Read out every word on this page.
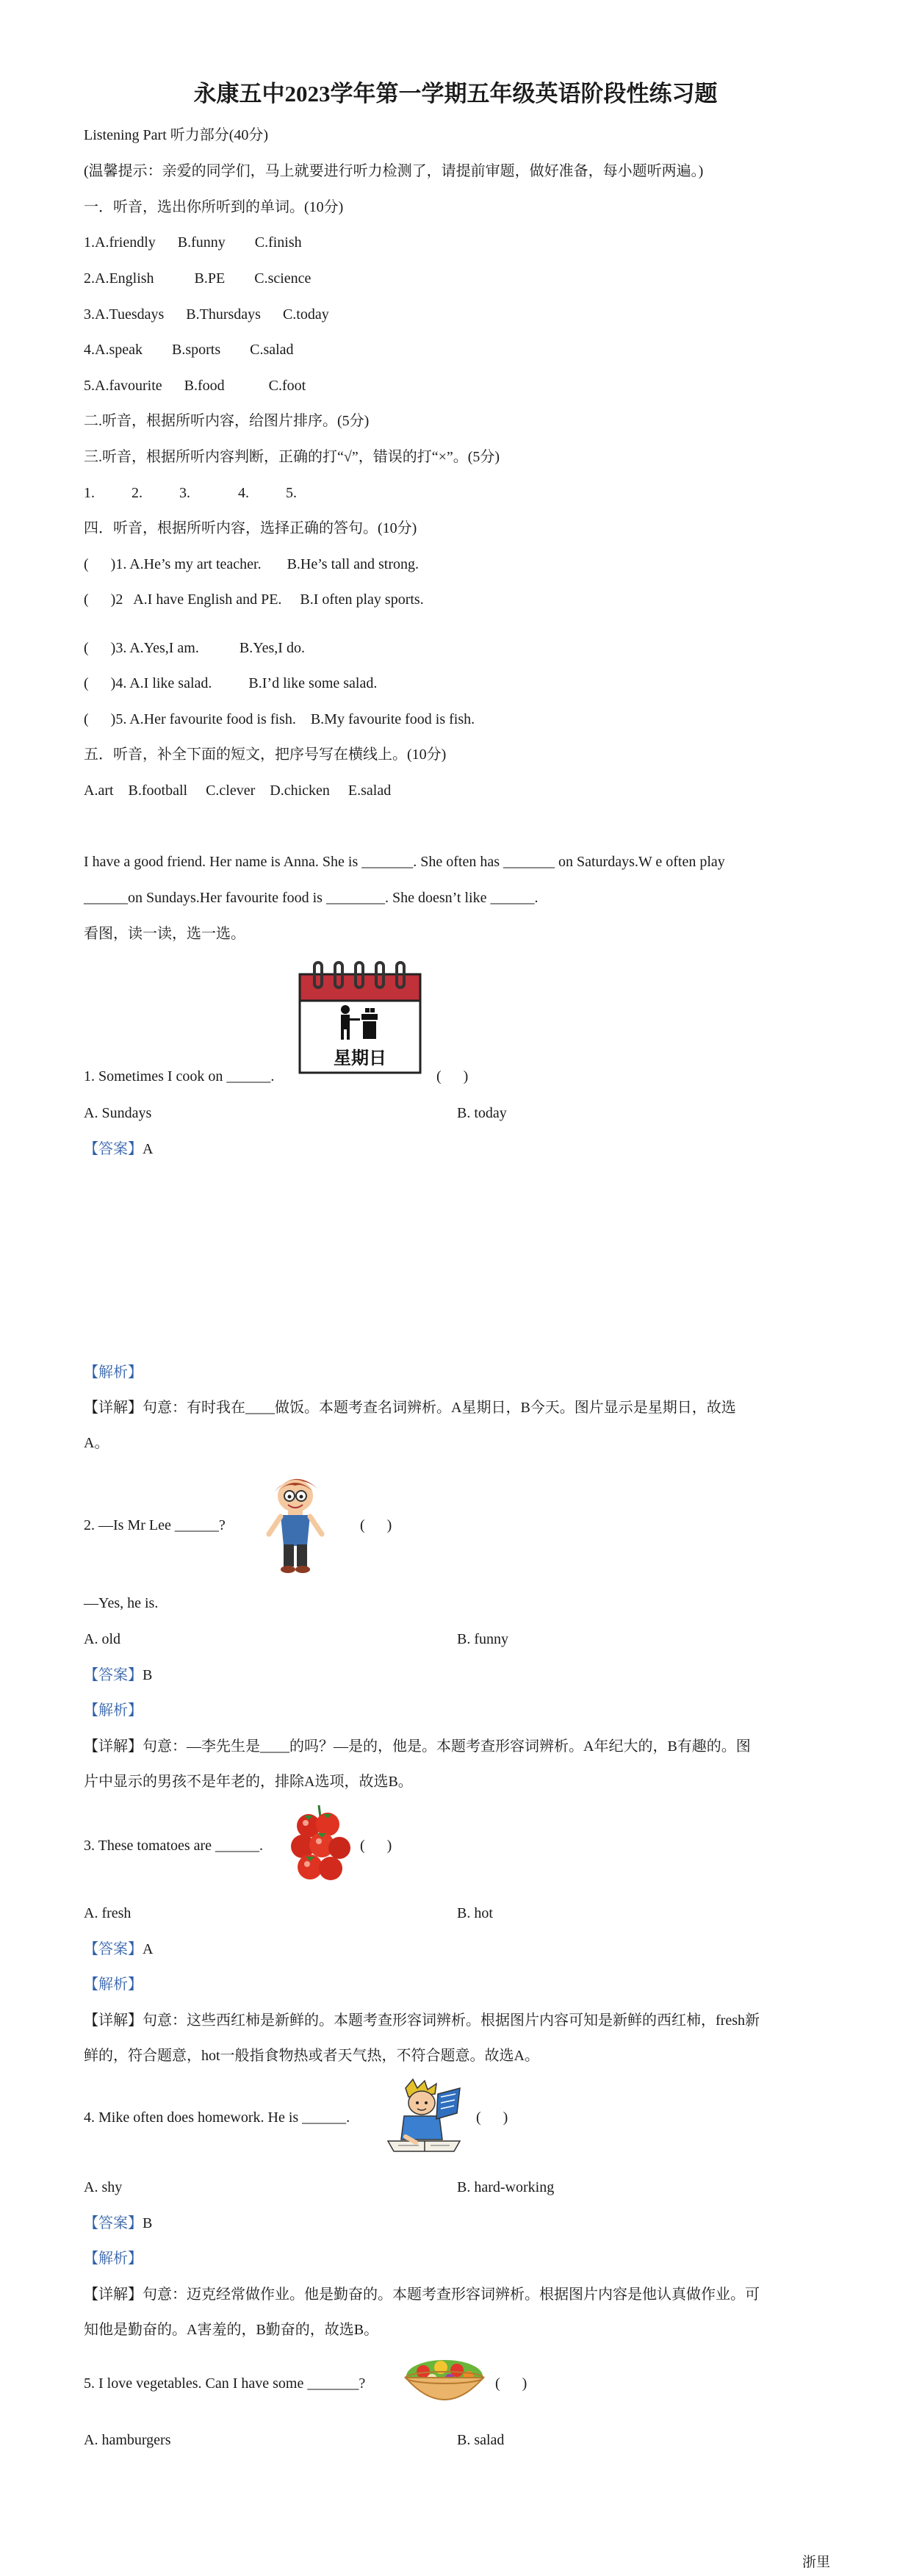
永康五中2023学年第一学期五年级英语阶段性练习题
Listening Part 听力部分(40分)
(温馨提示：亲爱的同学们，马上就要进行听力检测了，请提前审题，做好准备，每小题听两遍。)
一．听音，选出你所听到的单词。(10分)
1.A.friendly      B.funny        C.finish
2.A.English           B.PE        C.science
3.A.Tuesdays      B.Thursdays      C.today
4.A.speak        B.sports        C.salad
5.A.favourite      B.food            C.foot
二.听音，根据所听内容，给图片排序。(5分)
三.听音，根据所听内容判断，正确的打“√”，错误的打“×”。(5分)
1.          2.          3.             4.          5.
四．听音，根据所听内容，选择正确的答句。(10分)
(      )1. A.He’s my art teacher.       B.He’s tall and strong.
(      )2   A.I have English and PE.     B.I often play sports.
(      )3. A.Yes,I am.           B.Yes,I do.
(      )4. A.I like salad.          B.I’d like some salad.
(      )5. A.Her favourite food is fish.    B.My favourite food is fish.
五．听音，补全下面的短文，把序号写在横线上。(10分)
A.art    B.football     C.clever    D.chicken     E.salad
I have a good friend. Her name is Anna. She is _______. She often has _______ on Saturdays.W e often play
______on Sundays.Her favourite food is ________. She doesn’t like ______.
看图，读一读，选一选。
星期日
1. Sometimes I cook on ______.	(      )
A. Sundays	B. today
【答案】A
【解析】
【详解】句意：有时我在____做饭。本题考查名词辨析。A星期日，B今天。图片显示是星期日，故选
A。
2. —Is Mr Lee ______?	(      )
—Yes, he is.
A. old	B. funny
【答案】B
【解析】
【详解】句意：—李先生是____的吗？—是的，他是。本题考查形容词辨析。A年纪大的，B有趣的。图
片中显示的男孩不是年老的，排除A选项，故选B。
3. These tomatoes are ______.	(      )
A. fresh	B. hot
【答案】A
【解析】
【详解】句意：这些西红柿是新鲜的。本题考查形容词辨析。根据图片内容可知是新鲜的西红柿，fresh新
鲜的，符合题意，hot一般指食物热或者天气热，不符合题意。故选A。
4. Mike often does homework. He is ______.	(      )
A. shy	B. hard-working
【答案】B
【解析】
【详解】句意：迈克经常做作业。他是勤奋的。本题考查形容词辨析。根据图片内容是他认真做作业。可
知他是勤奋的。A害羞的，B勤奋的，故选B。
5. I love vegetables. Can I have some _______?	(      )
A. hamburgers	B. salad
浙里
